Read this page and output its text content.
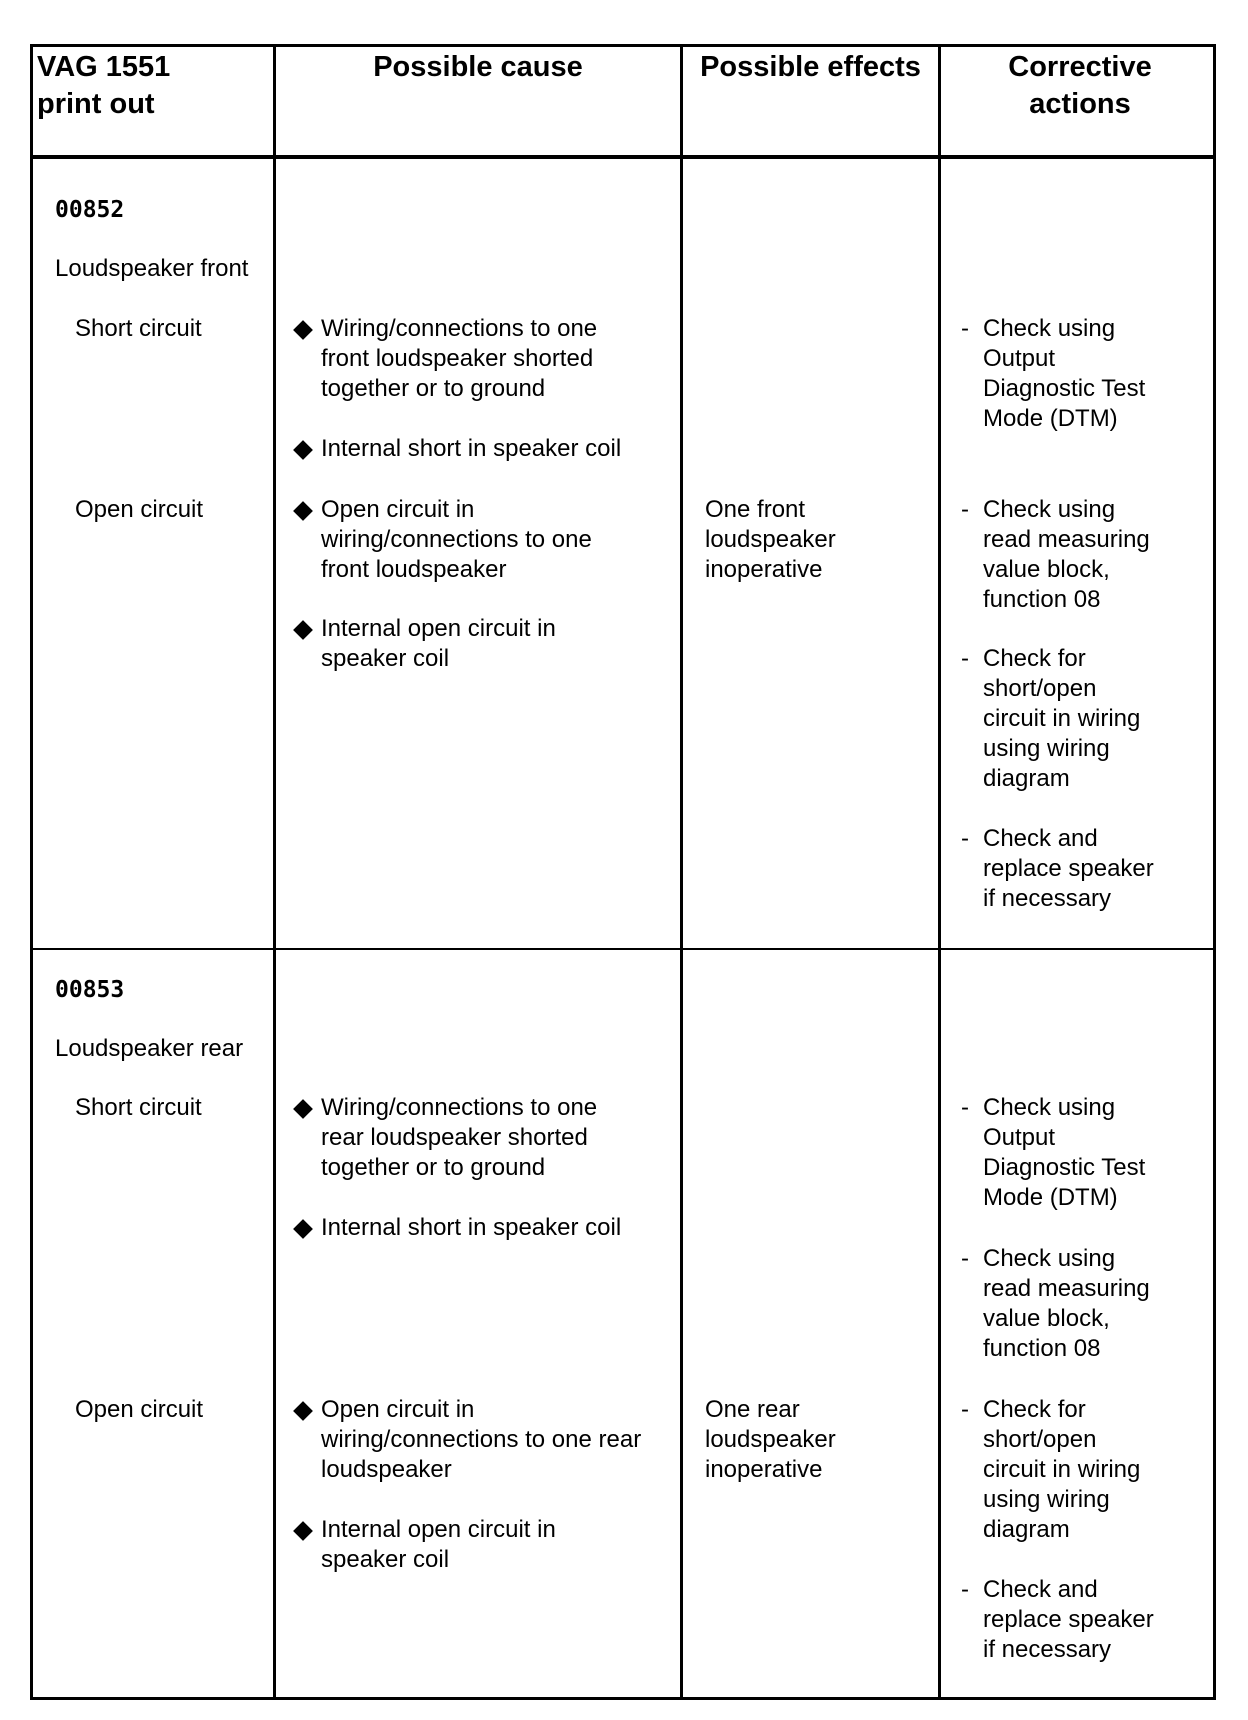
VAG 1551 print out
Possible cause	Possible effects	Corrective actions
00852
Loudspeaker front
Short circuit
Open circuit
Wiring/connections to one
front loudspeaker shorted
together or to ground
Internal short in speaker coil
Open circuit in
wiring/connections to one
front loudspeaker
Internal open circuit in
speaker coil
One front
loudspeaker
inoperative
- Check using
Output
Diagnostic Test
Mode (DTM)
- Check using
read measuring
value block,
function 08
- Check for
short/open
circuit in wiring
using wiring
diagram
- Check and
replace speaker
if necessary
00853
Loudspeaker rear
Short circuit
Open circuit
Wiring/connections to one
rear loudspeaker shorted
together or to ground
Internal short in speaker coil
Open circuit in
wiring/connections to one rear
loudspeaker
Internal open circuit in
speaker coil
One rear
loudspeaker
inoperative
- Check using
Output
Diagnostic Test
Mode (DTM)
- Check using
read measuring
value block,
function 08
- Check for
short/open
circuit in wiring
using wiring
diagram
- Check and
replace speaker
if necessary
